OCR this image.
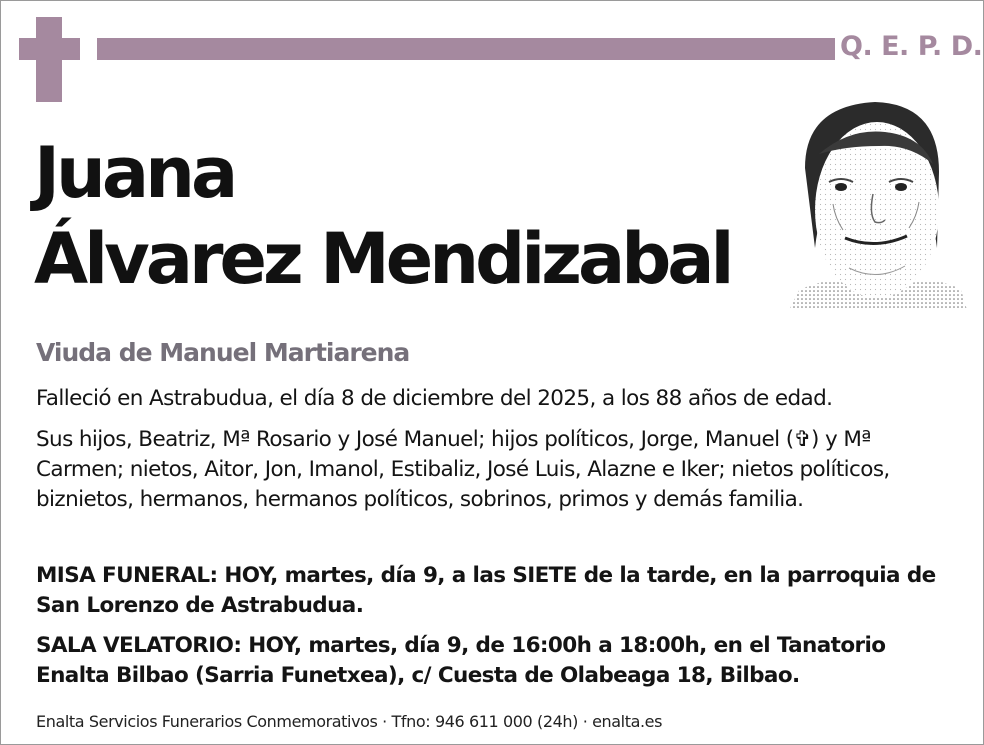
Q. E. P. D.
Juana
Álvarez Mendizabal
Viuda de Manuel Martiarena

Falleció en Astrabudua, el día 8 de diciembre del 2025, a los 88 años de edad.

Sus hijos, Beatriz, Mª Rosario y José Manuel; hijos políticos, Jorge, Manuel (✞) y Mª Carmen; nietos, Aitor, Jon, Imanol, Estibaliz, José Luis, Alazne e Iker; nietos políticos, biznietos, hermanos, hermanos políticos, sobrinos, primos y demás familia.

MISA FUNERAL: HOY, martes, día 9, a las SIETE de la tarde, en la parroquia de San Lorenzo de Astrabudua.

SALA VELATORIO: HOY, martes, día 9, de 16:00h a 18:00h, en el Tanatorio Enalta Bilbao (Sarria Funetxea), c/ Cuesta de Olabeaga 18, Bilbao.

Enalta Servicios Funerarios Conmemorativos · Tfno: 946 611 000 (24h) · enalta.es
